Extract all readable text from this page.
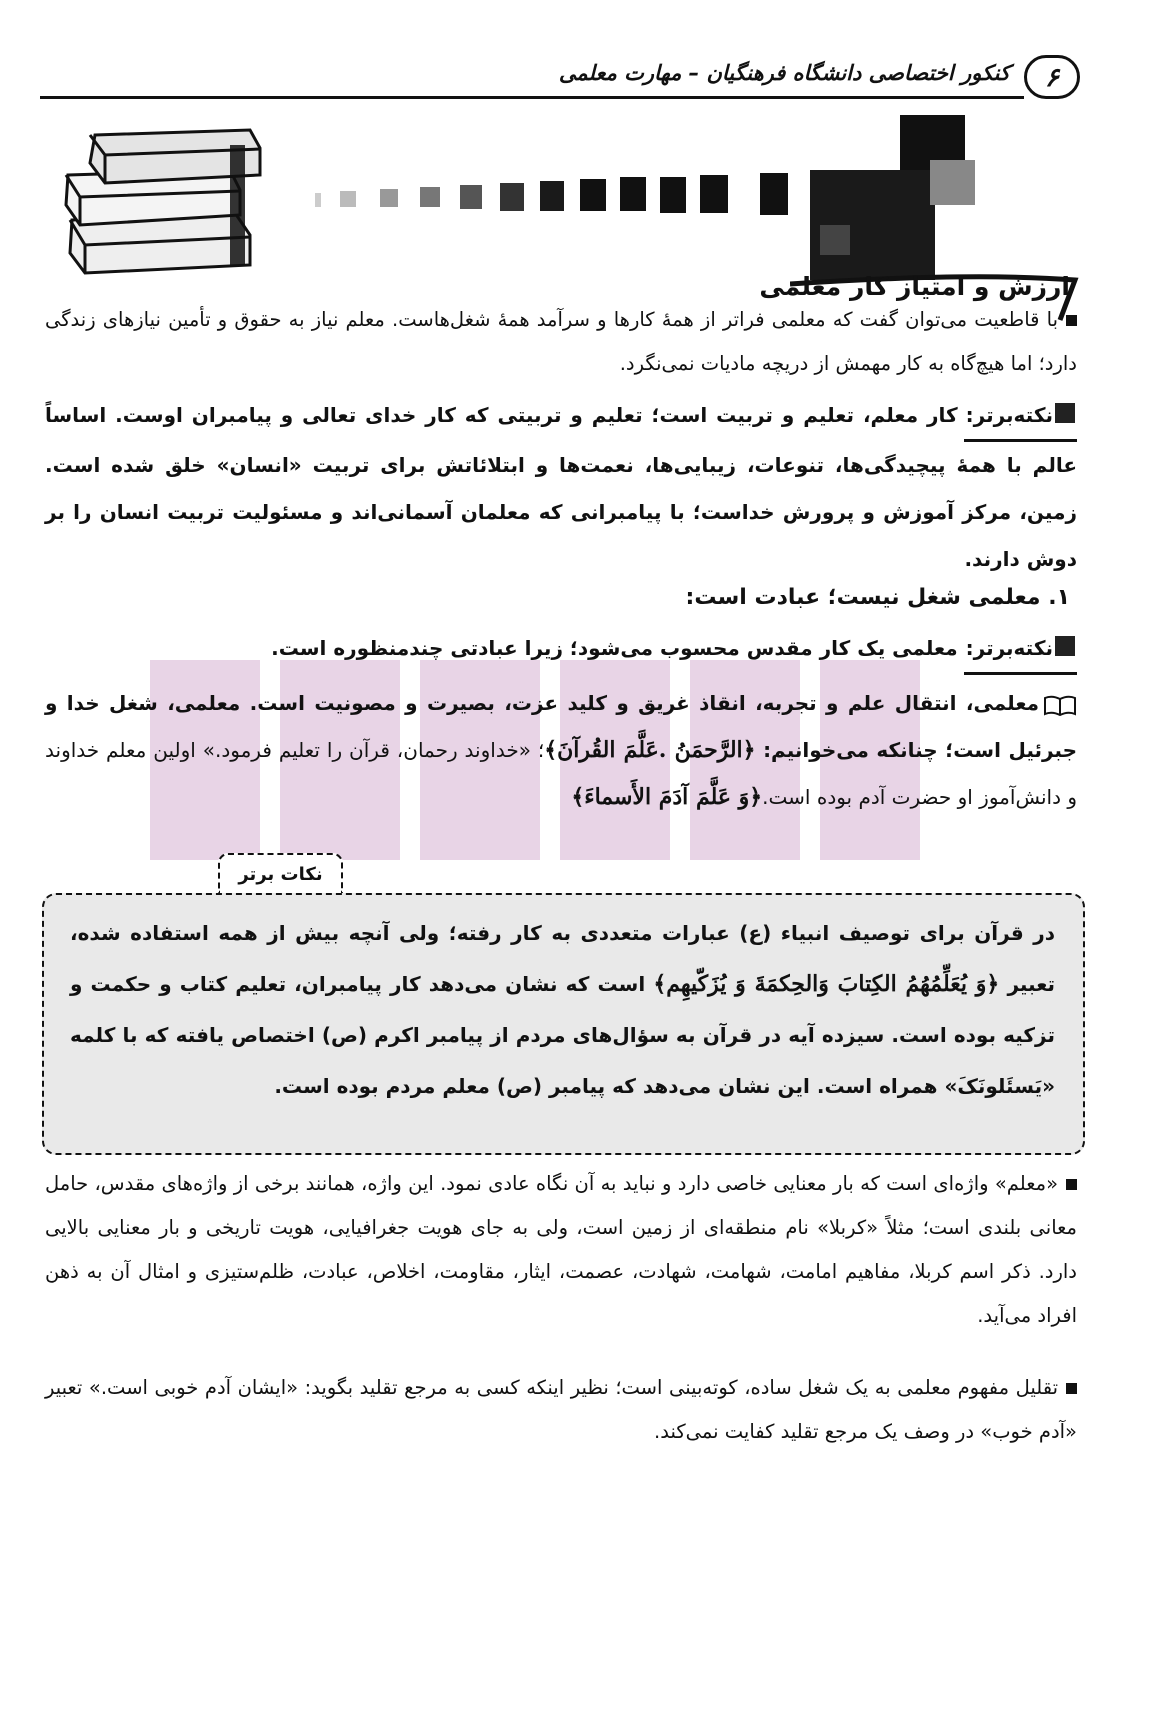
۶
کنکور اختصاصی دانشگاه فرهنگیان – مهارت معلمی
ارزش و امتیاز کار معلمی
با قاطعیت می‌توان گفت که معلمی فراتر از همهٔ کارها و سرآمد همهٔ شغل‌هاست. معلم نیاز به حقوق و تأمین نیازهای زندگی دارد؛ اما هیچ‌گاه به کار مهمش از دریچه مادیات نمی‌نگرد.
نکته‌برتر:کار معلم، تعلیم و تربیت است؛ تعلیم و تربیتی که کار خدای تعالی و پیامبران اوست. اساساً عالم با همهٔ پیچیدگی‌ها، تنوعات، زیبایی‌ها، نعمت‌ها و ابتلائاتش برای تربیت «انسان» خلق شده است. زمین، مرکز آموزش و پرورش خداست؛ با پیامبرانی که معلمان آسمانی‌اند و مسئولیت تربیت انسان را بر دوش دارند.
۱. معلمی شغل نیست؛ عبادت است:
نکته‌برتر:معلمی یک کار مقدس محسوب می‌شود؛ زیرا عبادتی چندمنظوره است.
معلمی، انتقال علم و تجربه، انقاذ غریق و کلید عزت، بصیرت و مصونیت است. معلمی، شغل خدا و جبرئیل است؛ چنانکه می‌خوانیم: ﴿الرَّحمَنُ .عَلَّمَ القُرآنَ﴾؛ «خداوند رحمان، قرآن را تعلیم فرمود.» اولین معلم خداوند و دانش‌آموز او حضرت آدم بوده است.﴿وَ عَلَّمَ آدَمَ الأَسماءَ﴾
نکات برتر
در قرآن برای توصیف انبیاء (ع) عبارات متعددی به کار رفته؛ ولی آنچه بیش از همه استفاده شده، تعبیر ﴿وَ یُعَلِّمُهُمُ الکِتابَ وَالحِکمَةَ وَ یُزَکّیهِم﴾ است که نشان می‌دهد کار پیامبران، تعلیم کتاب و حکمت و تزکیه بوده است. سیزده آیه در قرآن به سؤال‌های مردم از پیامبر اکرم (ص) اختصاص یافته که با کلمه «یَسئَلونَکَ» همراه است. این نشان می‌دهد که پیامبر (ص) معلم مردم بوده است.
«معلم» واژه‌ای است که بار معنایی خاصی دارد و نباید به آن نگاه عادی نمود. این واژه، همانند برخی از واژه‌های مقدس، حامل معانی بلندی است؛ مثلاً «کربلا» نام منطقه‌ای از زمین است، ولی به جای هویت جغرافیایی، هویت تاریخی و بار معنایی بالایی دارد. ذکر اسم کربلا، مفاهیم امامت، شهامت، شهادت، عصمت، ایثار، مقاومت، اخلاص، عبادت، ظلم‌ستیزی و امثال آن به ذهن افراد می‌آید.
تقلیل مفهوم معلمی به یک شغل ساده، کوته‌بینی است؛ نظیر اینکه کسی به مرجع تقلید بگوید: «ایشان آدم خوبی است.» تعبیر «آدم خوب» در وصف یک مرجع تقلید کفایت نمی‌کند.
